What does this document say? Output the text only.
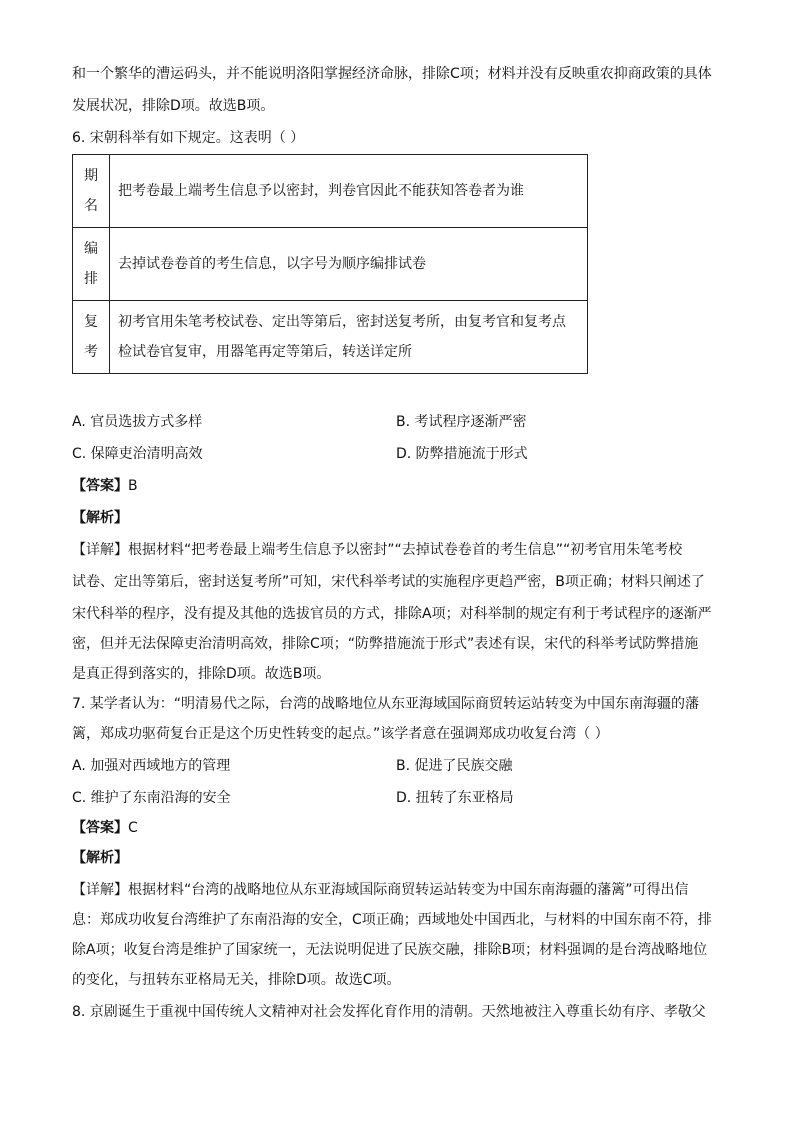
和一个繁华的漕运码头，并不能说明洛阳掌握经济命脉，排除C项；材料并没有反映重农抑商政策的具体
发展状况，排除D项。故选B项。
6. 宋朝科举有如下规定。这表明（ ）
期
名	把考卷最上端考生信息予以密封，判卷官因此不能获知答卷者为谁

编
排	去掉试卷卷首的考生信息，以字号为顺序编排试卷

复
考	初考官用朱笔考校试卷、定出等第后，密封送复考所，由复考官和复考点
检试卷官复审，用器笔再定等第后，转送详定所
A. 官员选拔方式多样	B. 考试程序逐渐严密
C. 保障吏治清明高效	D. 防弊措施流于形式
【答案】B
【解析】
【详解】根据材料“把考卷最上端考生信息予以密封”“去掉试卷卷首的考生信息”“初考官用朱笔考校
试卷、定出等第后，密封送复考所”可知，宋代科举考试的实施程序更趋严密，B项正确；材料只阐述了
宋代科举的程序，没有提及其他的选拔官员的方式，排除A项；对科举制的规定有利于考试程序的逐渐严
密，但并无法保障吏治清明高效，排除C项；“防弊措施流于形式”表述有误，宋代的科举考试防弊措施
是真正得到落实的，排除D项。故选B项。
7. 某学者认为：“明清易代之际，台湾的战略地位从东亚海域国际商贸转运站转变为中国东南海疆的藩
篱，郑成功驱荷复台正是这个历史性转变的起点。”该学者意在强调郑成功收复台湾（ ）
A. 加强对西域地方的管理	B. 促进了民族交融
C. 维护了东南沿海的安全	D. 扭转了东亚格局
【答案】C
【解析】
【详解】根据材料“台湾的战略地位从东亚海域国际商贸转运站转变为中国东南海疆的藩篱”可得出信
息：郑成功收复台湾维护了东南沿海的安全，C项正确；西域地处中国西北，与材料的中国东南不符，排
除A项；收复台湾是维护了国家统一，无法说明促进了民族交融，排除B项；材料强调的是台湾战略地位
的变化，与扭转东亚格局无关，排除D项。故选C项。
8. 京剧诞生于重视中国传统人文精神对社会发挥化育作用的清朝。天然地被注入尊重长幼有序、孝敬父
